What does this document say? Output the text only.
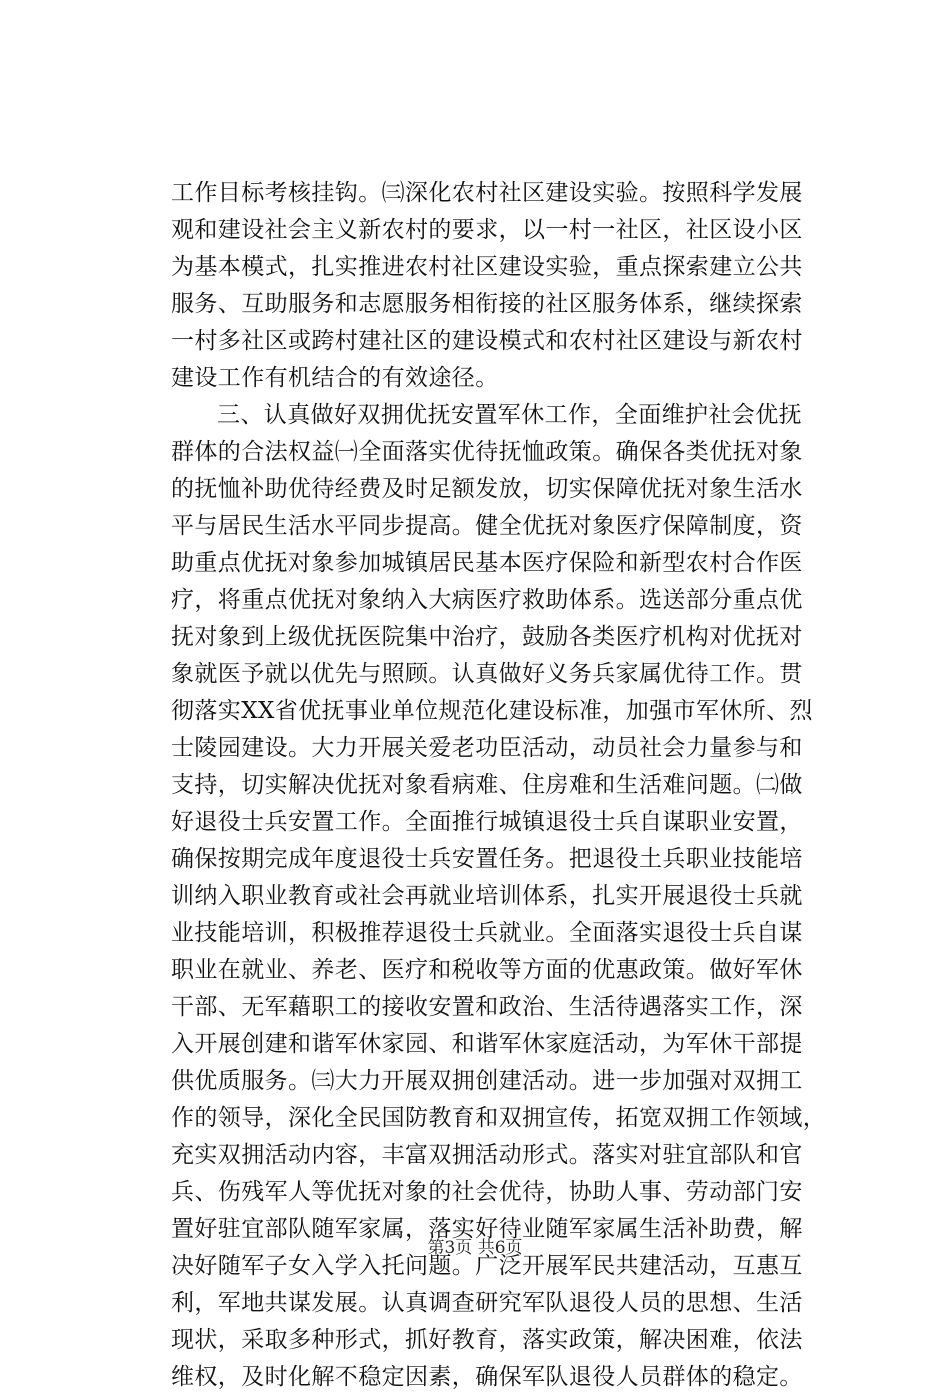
工作目标考核挂钩。㈢深化农村社区建设实验。按照科学发展
观和建设社会主义新农村的要求，以一村一社区，社区设小区
为基本模式，扎实推进农村社区建设实验，重点探索建立公共
服务、互助服务和志愿服务相衔接的社区服务体系，继续探索
一村多社区或跨村建社区的建设模式和农村社区建设与新农村
建设工作有机结合的有效途径。
三、认真做好双拥优抚安置军休工作，全面维护社会优抚
群体的合法权益㈠全面落实优待抚恤政策。确保各类优抚对象
的抚恤补助优待经费及时足额发放，切实保障优抚对象生活水
平与居民生活水平同步提高。健全优抚对象医疗保障制度，资
助重点优抚对象参加城镇居民基本医疗保险和新型农村合作医
疗，将重点优抚对象纳入大病医疗救助体系。选送部分重点优
抚对象到上级优抚医院集中治疗，鼓励各类医疗机构对优抚对
象就医予就以优先与照顾。认真做好义务兵家属优待工作。贯
彻落实XX省优抚事业单位规范化建设标准，加强市军休所、烈
士陵园建设。大力开展关爱老功臣活动，动员社会力量参与和
支持，切实解决优抚对象看病难、住房难和生活难问题。㈡做
好退役士兵安置工作。全面推行城镇退役士兵自谋职业安置，
确保按期完成年度退役士兵安置任务。把退役土兵职业技能培
训纳入职业教育或社会再就业培训体系，扎实开展退役士兵就
业技能培训，积极推荐退役士兵就业。全面落实退役士兵自谋
职业在就业、养老、医疗和税收等方面的优惠政策。做好军休
干部、无军藉职工的接收安置和政治、生活待遇落实工作，深
入开展创建和谐军休家园、和谐军休家庭活动，为军休干部提
供优质服务。㈢大力开展双拥创建活动。进一步加强对双拥工
作的领导，深化全民国防教育和双拥宣传，拓宽双拥工作领域，
充实双拥活动内容，丰富双拥活动形式。落实对驻宜部队和官
兵、伤残军人等优抚对象的社会优待，协助人事、劳动部门安
置好驻宜部队随军家属，落实好待业随军家属生活补助费，解
决好随军子女入学入托问题。广泛开展军民共建活动，互惠互
利，军地共谋发展。认真调查研究军队退役人员的思想、生活
现状，采取多种形式，抓好教育，落实政策，解决困难，依法
维权，及时化解不稳定因素，确保军队退役人员群体的稳定。
第3页 共6页
